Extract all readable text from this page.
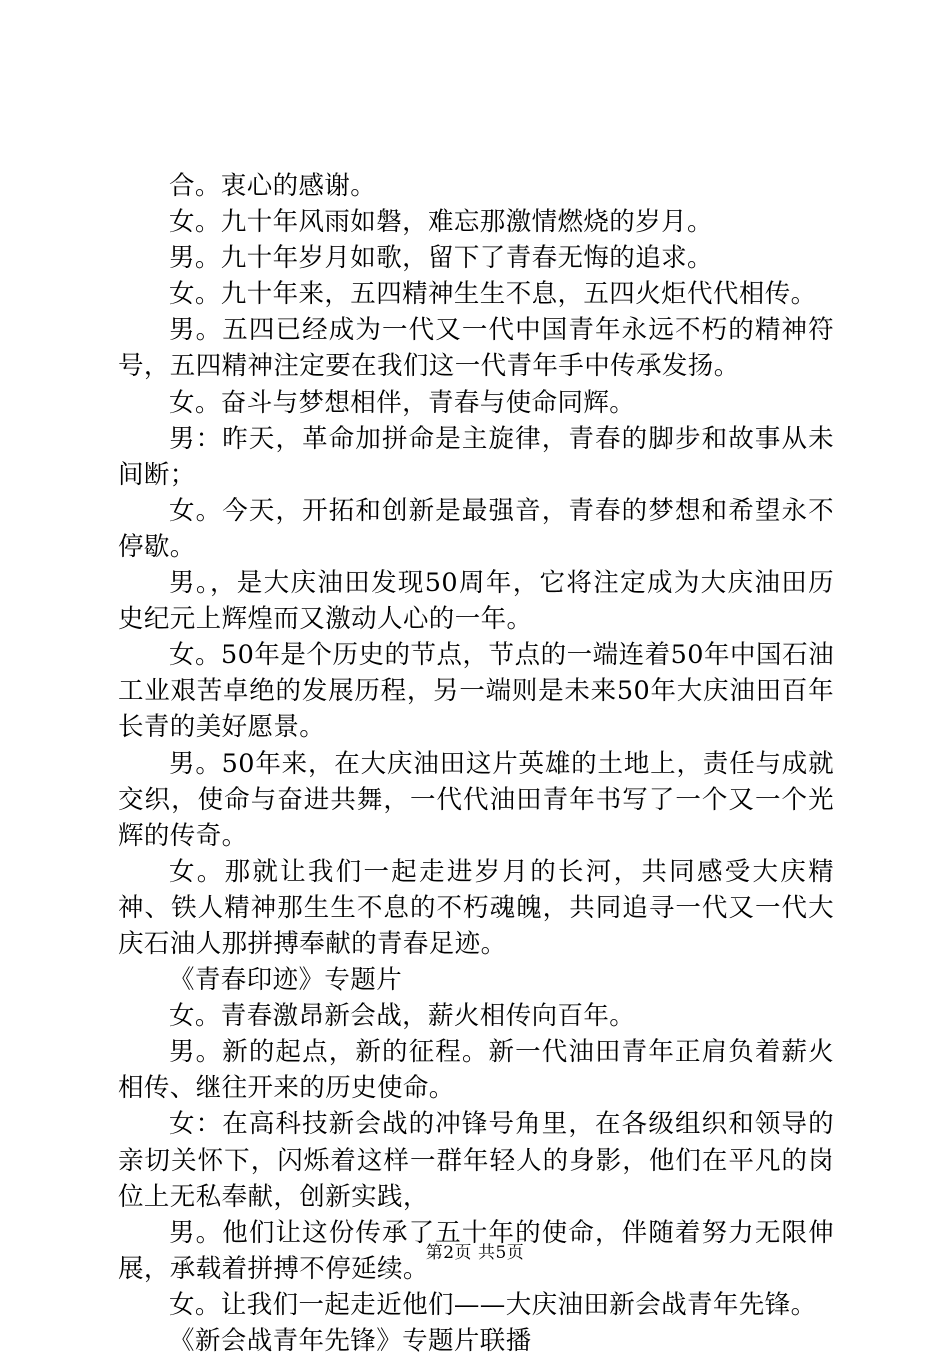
合。衷心的感谢。

女。九十年风雨如磐，难忘那激情燃烧的岁月。

男。九十年岁月如歌，留下了青春无悔的追求。

女。九十年来，五四精神生生不息，五四火炬代代相传。

男。五四已经成为一代又一代中国青年永远不朽的精神符号，五四精神注定要在我们这一代青年手中传承发扬。

女。奋斗与梦想相伴，青春与使命同辉。

男：昨天，革命加拼命是主旋律，青春的脚步和故事从未间断；

女。今天，开拓和创新是最强音，青春的梦想和希望永不停歇。

男。，是大庆油田发现50周年，它将注定成为大庆油田历史纪元上辉煌而又激动人心的一年。

女。50年是个历史的节点，节点的一端连着50年中国石油工业艰苦卓绝的发展历程，另一端则是未来50年大庆油田百年长青的美好愿景。

男。50年来，在大庆油田这片英雄的土地上，责任与成就交织，使命与奋进共舞，一代代油田青年书写了一个又一个光辉的传奇。

女。那就让我们一起走进岁月的长河，共同感受大庆精神、铁人精神那生生不息的不朽魂魄，共同追寻一代又一代大庆石油人那拼搏奉献的青春足迹。

《青春印迹》专题片

女。青春激昂新会战，薪火相传向百年。

男。新的起点，新的征程。新一代油田青年正肩负着薪火相传、继往开来的历史使命。

女：在高科技新会战的冲锋号角里，在各级组织和领导的亲切关怀下，闪烁着这样一群年轻人的身影，他们在平凡的岗位上无私奉献，创新实践，

男。他们让这份传承了五十年的使命，伴随着努力无限伸展，承载着拼搏不停延续。

女。让我们一起走近他们——大庆油田新会战青年先锋。

《新会战青年先锋》专题片联播

第2页 共5页
